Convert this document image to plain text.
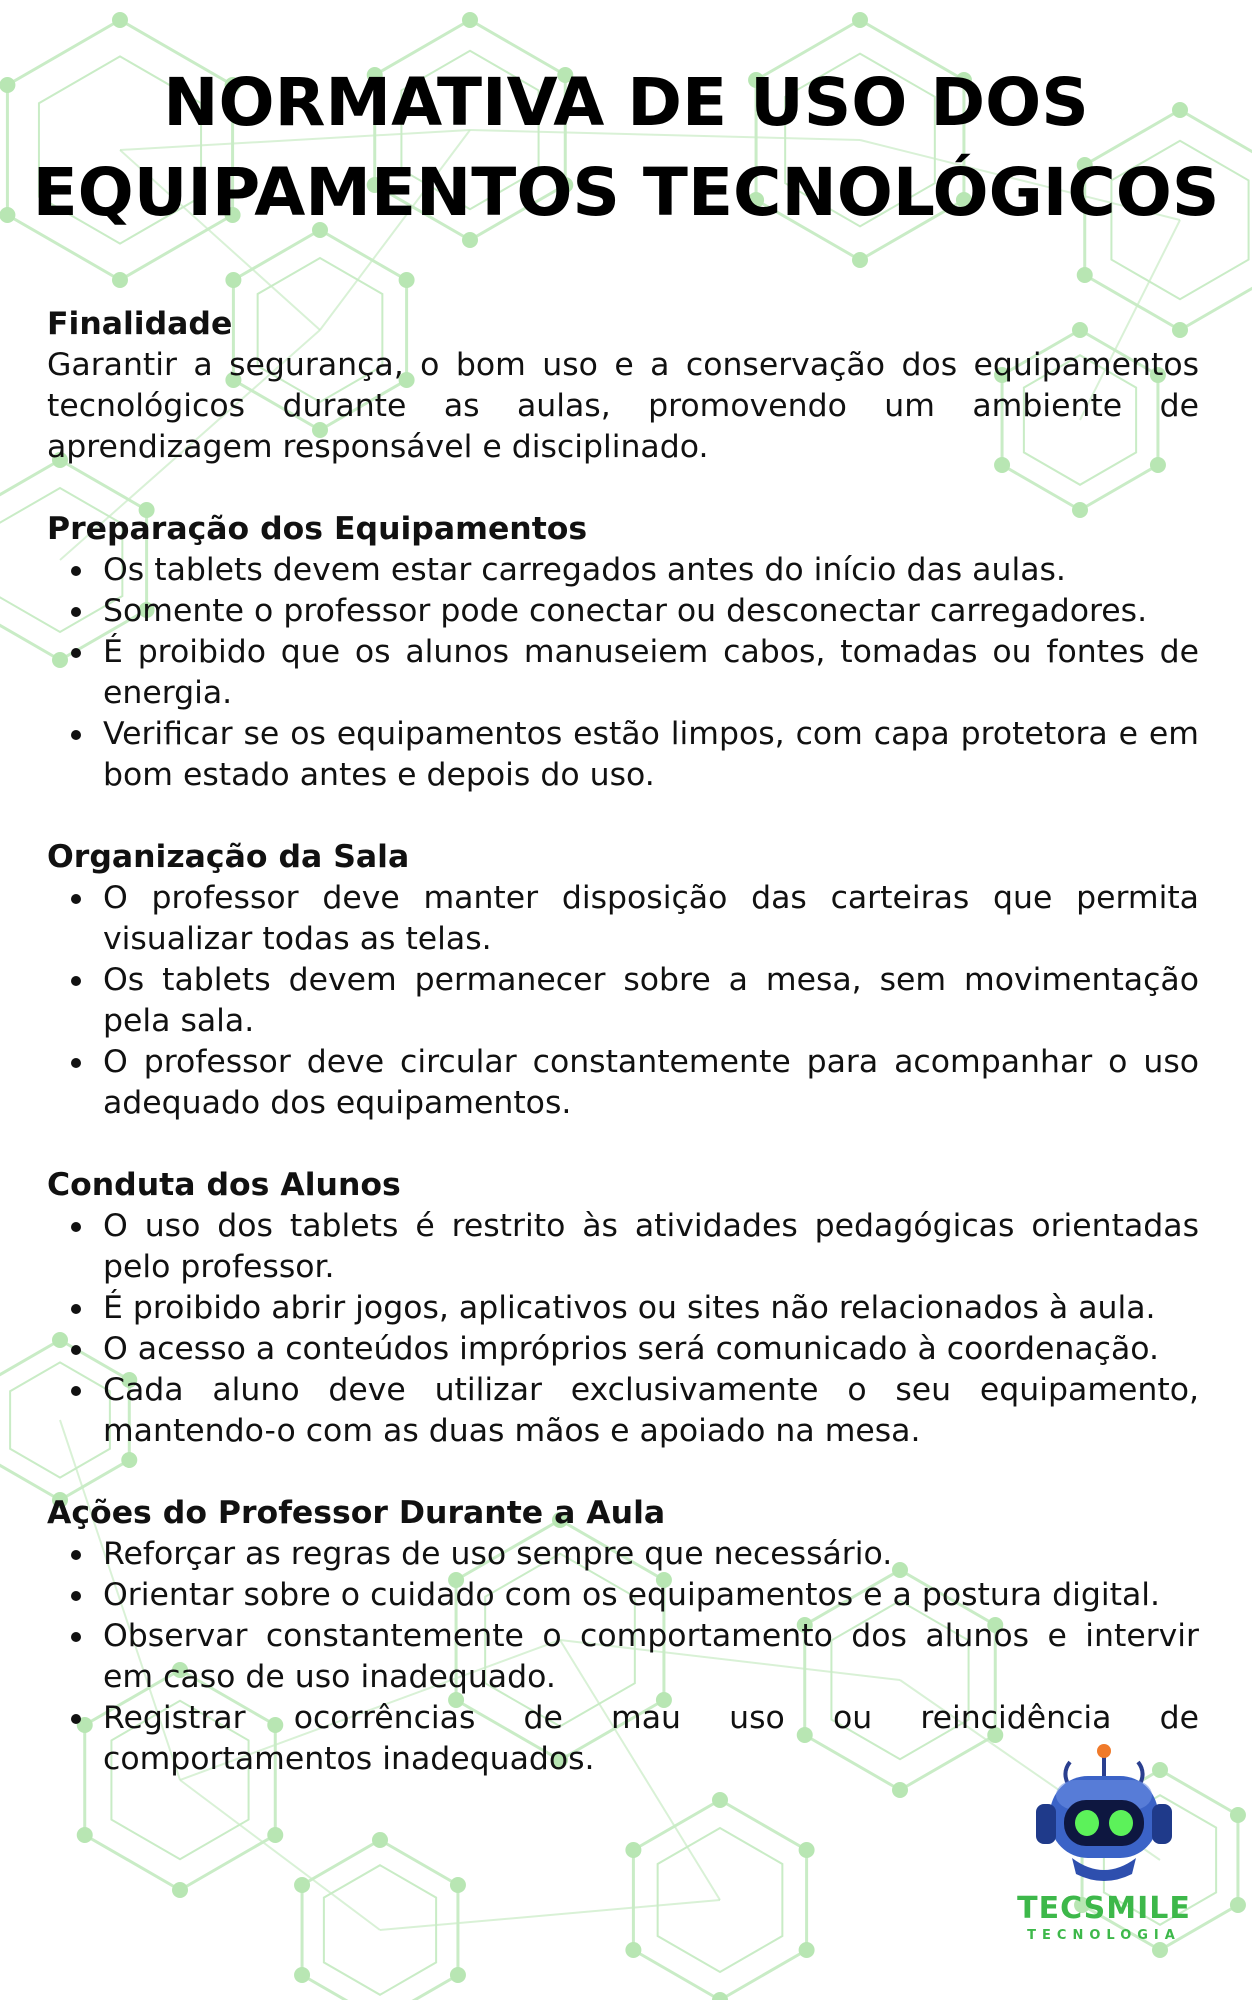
NORMATIVA DE USO DOS
EQUIPAMENTOS TECNOLÓGICOS

Finalidade

Garantir a segurança, o bom uso e a conservação dos equipamentos tecnológicos durante as aulas, promovendo um ambiente de aprendizagem responsável e disciplinado.

Preparação dos Equipamentos

Os tablets devem estar carregados antes do início das aulas.
Somente o professor pode conectar ou desconectar carregadores.
É proibido que os alunos manuseiem cabos, tomadas ou fontes de energia.
Verificar se os equipamentos estão limpos, com capa protetora e em bom estado antes e depois do uso.

Organização da Sala

O professor deve manter disposição das carteiras que permita visualizar todas as telas.
Os tablets devem permanecer sobre a mesa, sem movimentação pela sala.
O professor deve circular constantemente para acompanhar o uso adequado dos equipamentos.

Conduta dos Alunos

O uso dos tablets é restrito às atividades pedagógicas orientadas pelo professor.
É proibido abrir jogos, aplicativos ou sites não relacionados à aula.
O acesso a conteúdos impróprios será comunicado à coordenação.
Cada aluno deve utilizar exclusivamente o seu equipamento, mantendo-o com as duas mãos e apoiado na mesa.

Ações do Professor Durante a Aula

Reforçar as regras de uso sempre que necessário.
Orientar sobre o cuidado com os equipamentos e a postura digital.
Observar constantemente o comportamento dos alunos e intervir em caso de uso inadequado.
Registrar ocorrências de mau uso ou reincidência de comportamentos inadequados.
TECSMILE
TECNOLOGIA
